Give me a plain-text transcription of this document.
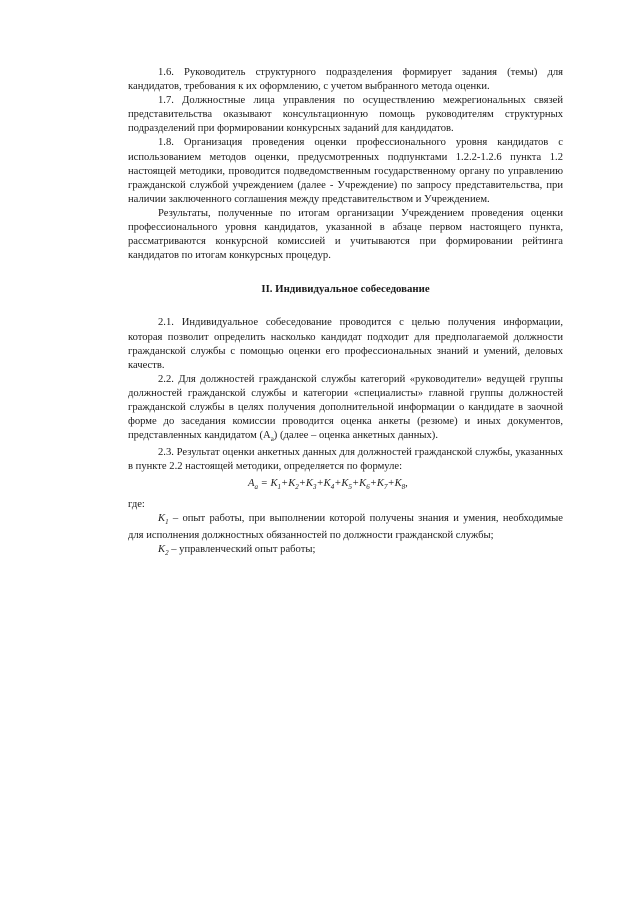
1.6. Руководитель структурного подразделения формирует задания (темы) для кандидатов, требования к их оформлению, с учетом выбранного метода оценки.

1.7. Должностные лица управления по осуществлению межрегиональных связей представительства оказывают консультационную помощь руководителям структурных подразделений при формировании конкурсных заданий для кандидатов.

1.8. Организация проведения оценки профессионального уровня кандидатов с использованием методов оценки, предусмотренных подпунктами 1.2.2-1.2.6 пункта 1.2 настоящей методики, проводится подведомственным государственному органу по управлению гражданской службой учреждением (далее - Учреждение) по запросу представительства, при наличии заключенного соглашения между представительством и Учреждением.

Результаты, полученные по итогам организации Учреждением проведения оценки профессионального уровня кандидатов, указанной в абзаце первом настоящего пункта, рассматриваются конкурсной комиссией и учитываются при формировании рейтинга кандидатов по итогам конкурсных процедур.

II. Индивидуальное собеседование

2.1. Индивидуальное собеседование проводится с целью получения информации, которая позволит определить насколько кандидат подходит для предполагаемой должности гражданской службы с помощью оценки его профессиональных знаний и умений, деловых качеств.

2.2. Для должностей гражданской службы категорий «руководители» ведущей группы должностей гражданской службы и категории «специалисты» главной группы должностей гражданской службы в целях получения дополнительной информации о кандидате в заочной форме до заседания комиссии проводится оценка анкеты (резюме) и иных документов, представленных кандидатом $(А_а)$ (далее – оценка анкетных данных).

2.3. Результат оценки анкетных данных для должностей гражданской службы, указанных в пункте 2.2 настоящей методики, определяется по формуле:

$A_a = K_1+K_2+K_3+K_4+K_5+K_6+K_7+K_8$,

где:

$K_1$ – опыт работы, при выполнении которой получены знания и умения, необходимые для исполнения должностных обязанностей по должности гражданской службы;

$K_2$ – управленческий опыт работы;
